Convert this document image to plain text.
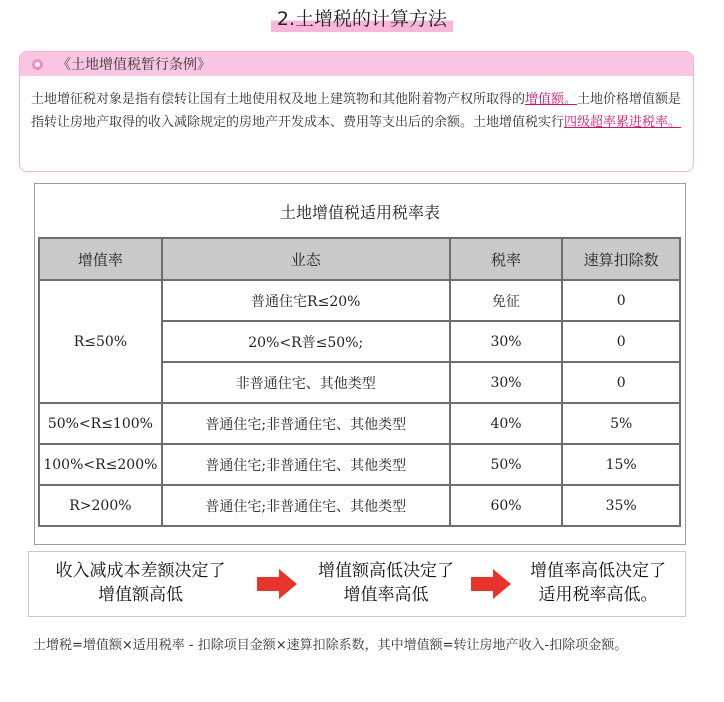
2.土增税的计算方法
《土地增值税暂行条例》
土地增征税对象是指有偿转让国有土地使用权及地上建筑物和其他附着物产权所取得的增值额。土地价格增值额是指转让房地产取得的收入减除规定的房地产开发成本、费用等支出后的余额。土地增值税实行四级超率累进税率。
土地增值税适用税率表
增值率	业态	税率	速算扣除数
R≤50%	普通住宅R≤20%	免征	0
	20%<R普≤50%;	30%	0
	非普通住宅、其他类型	30%	0
50%<R≤100%	普通住宅;非普通住宅、其他类型	40%	5%
100%<R≤200%	普通住宅;非普通住宅、其他类型	50%	15%
R>200%	普通住宅;非普通住宅、其他类型	60%	35%
收入减成本差额决定了
增值额高低
增值额高低决定了
增值率高低
增值率高低决定了
适用税率高低。
土增税=增值额×适用税率 - 扣除项目金额×速算扣除系数，其中增值额=转让房地产收入-扣除项金额。
